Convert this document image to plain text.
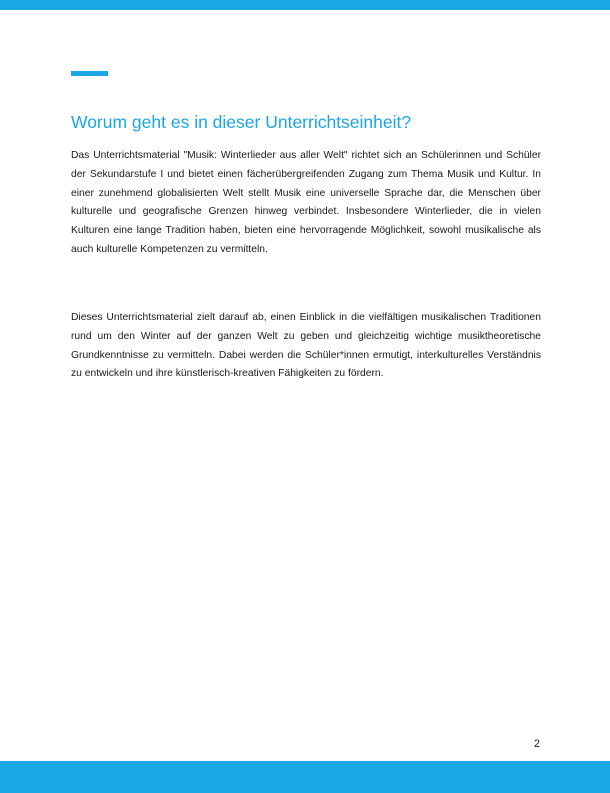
Worum geht es in dieser Unterrichtseinheit?

Das Unterrichtsmaterial "Musik: Winterlieder aus aller Welt" richtet sich an Schülerinnen und Schüler der Sekundarstufe I und bietet einen fächerübergreifenden Zugang zum Thema Musik und Kultur. In einer zunehmend globalisierten Welt stellt Musik eine universelle Sprache dar, die Menschen über kulturelle und geografische Grenzen hinweg verbindet. Insbesondere Winterlieder, die in vielen Kulturen eine lange Tradition haben, bieten eine hervorragende Möglichkeit, sowohl musikalische als auch kulturelle Kompetenzen zu vermitteln.

Dieses Unterrichtsmaterial zielt darauf ab, einen Einblick in die vielfältigen musikalischen Traditionen rund um den Winter auf der ganzen Welt zu geben und gleichzeitig wichtige musiktheoretische Grundkenntnisse zu vermitteln. Dabei werden die Schüler*innen ermutigt, interkulturelles Verständnis zu entwickeln und ihre künstlerisch-kreativen Fähigkeiten zu fördern.

2
